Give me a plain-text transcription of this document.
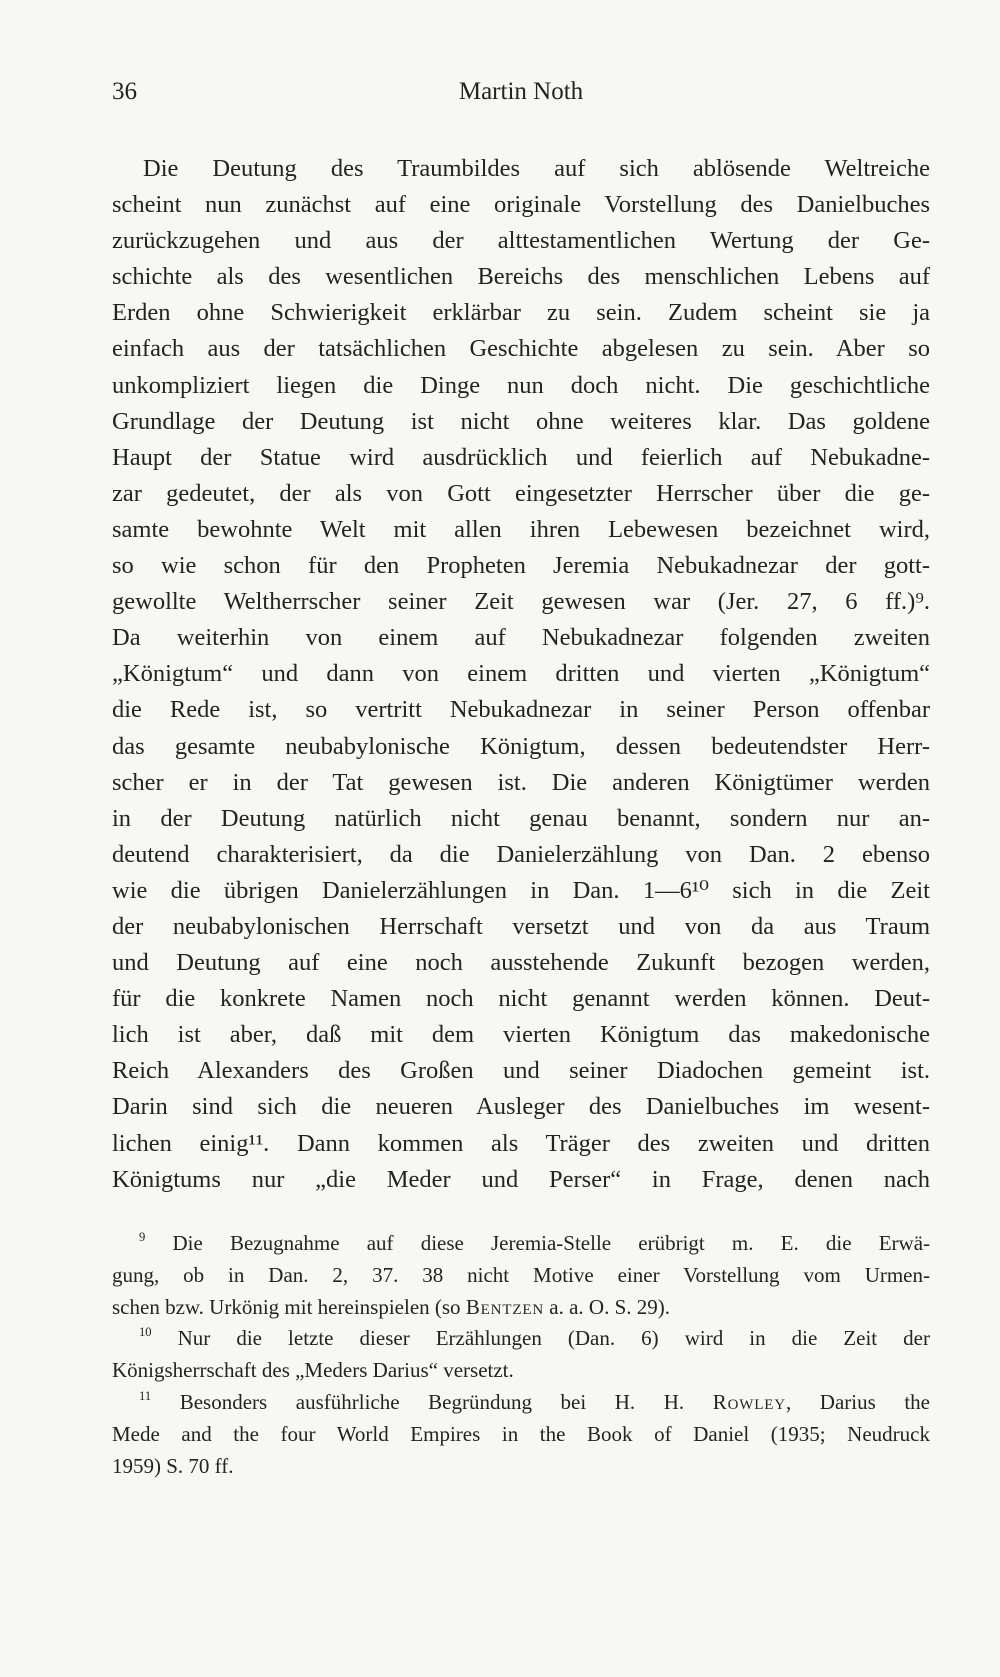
36	Martin Noth
Die Deutung des Traumbildes auf sich ablösende Weltreiche
scheint nun zunächst auf eine originale Vorstellung des Danielbuches
zurückzugehen und aus der alttestamentlichen Wertung der Ge-
schichte als des wesentlichen Bereichs des menschlichen Lebens auf
Erden ohne Schwierigkeit erklärbar zu sein. Zudem scheint sie ja
einfach aus der tatsächlichen Geschichte abgelesen zu sein. Aber so
unkompliziert liegen die Dinge nun doch nicht. Die geschichtliche
Grundlage der Deutung ist nicht ohne weiteres klar. Das goldene
Haupt der Statue wird ausdrücklich und feierlich auf Nebukadne-
zar gedeutet, der als von Gott eingesetzter Herrscher über die ge-
samte bewohnte Welt mit allen ihren Lebewesen bezeichnet wird,
so wie schon für den Propheten Jeremia Nebukadnezar der gott-
gewollte Weltherrscher seiner Zeit gewesen war (Jer. 27, 6 ff.)⁹.
Da weiterhin von einem auf Nebukadnezar folgenden zweiten
„Königtum“ und dann von einem dritten und vierten „Königtum“
die Rede ist, so vertritt Nebukadnezar in seiner Person offenbar
das gesamte neubabylonische Königtum, dessen bedeutendster Herr-
scher er in der Tat gewesen ist. Die anderen Königtümer werden
in der Deutung natürlich nicht genau benannt, sondern nur an-
deutend charakterisiert, da die Danielerzählung von Dan. 2 ebenso
wie die übrigen Danielerzählungen in Dan. 1—6¹⁰ sich in die Zeit
der neubabylonischen Herrschaft versetzt und von da aus Traum
und Deutung auf eine noch ausstehende Zukunft bezogen werden,
für die konkrete Namen noch nicht genannt werden können. Deut-
lich ist aber, daß mit dem vierten Königtum das makedonische
Reich Alexanders des Großen und seiner Diadochen gemeint ist.
Darin sind sich die neueren Ausleger des Danielbuches im wesent-
lichen einig¹¹. Dann kommen als Träger des zweiten und dritten
Königtums nur „die Meder und Perser“ in Frage, denen nach
$^9$ Die Bezugnahme auf diese Jeremia-Stelle erübrigt m. E. die Erwä-
gung, ob in Dan. 2, 37. 38 nicht Motive einer Vorstellung vom Urmen-
schen bzw. Urkönig mit hereinspielen (so Bentzen a. a. O. S. 29).
$^{10}$ Nur die letzte dieser Erzählungen (Dan. 6) wird in die Zeit der
Königsherrschaft des „Meders Darius“ versetzt.
$^{11}$ Besonders ausführliche Begründung bei H. H. Rowley, Darius the
Mede and the four World Empires in the Book of Daniel (1935; Neudruck
1959) S. 70 ff.
